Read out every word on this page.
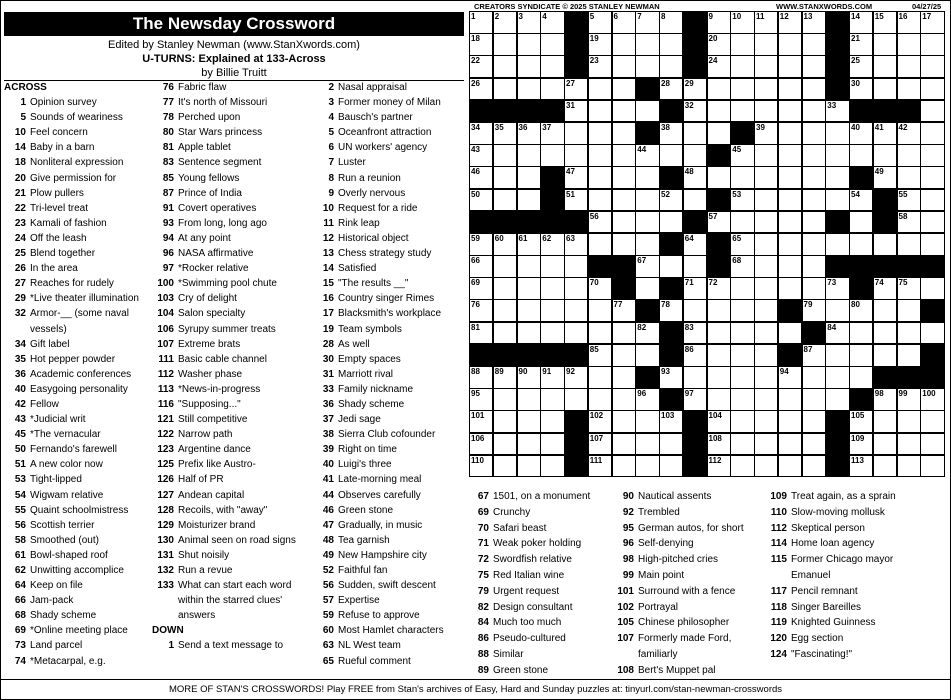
The Newsday Crossword
Edited by Stanley Newman (www.StanXwords.com)
U-TURNS: Explained at 133-Across
by Billie Truitt
CREATORS SYNDICATE © 2025 STANLEY NEWMAN	WWW.STANXWORDS.COM	04/27/25
ACROSS
1 Opinion survey
5 Sounds of weariness
10 Feel concern
14 Baby in a barn
18 Nonliteral expression
20 Give permission for
21 Plow pullers
22 Tri-level treat
23 Kamali of fashion
24 Off the leash
25 Blend together
26 In the area
27 Reaches for rudely
29 *Live theater illumination
32 Armor-__ (some naval
vessels)
34 Gift label
35 Hot pepper powder
36 Academic conferences
40 Easygoing personality
42 Fellow
43 *Judicial writ
45 *The vernacular
50 Fernando's farewell
51 A new color now
53 Tight-lipped
54 Wigwam relative
55 Quaint schoolmistress
56 Scottish terrier
58 Smoothed (out)
61 Bowl-shaped roof
62 Unwitting accomplice
64 Keep on file
66 Jam-pack
68 Shady scheme
69 *Online meeting place
73 Land parcel
74 *Metacarpal, e.g.
76 Fabric flaw
77 It's north of Missouri
78 Perched upon
80 Star Wars princess
81 Apple tablet
83 Sentence segment
85 Young fellows
87 Prince of India
91 Covert operatives
93 From long, long ago
94 At any point
96 NASA affirmative
97 *Rocker relative
100 *Swimming pool chute
103 Cry of delight
104 Salon specialty
106 Syrupy summer treats
107 Extreme brats
111 Basic cable channel
112 Washer phase
113 *News-in-progress
116 "Supposing..."
121 Still competitive
122 Narrow path
123 Argentine dance
125 Prefix like Austro-
126 Half of PR
127 Andean capital
128 Recoils, with "away"
129 Moisturizer brand
130 Animal seen on road signs
131 Shut noisily
132 Run a revue
133 What can start each word
within the starred clues'
answers
DOWN
1 Send a text message to
2 Nasal appraisal
3 Former money of Milan
4 Bausch's partner
5 Oceanfront attraction
6 UN workers' agency
7 Luster
8 Run a reunion
9 Overly nervous
10 Request for a ride
11 Rink leap
12 Historical object
13 Chess strategy study
14 Satisfied
15 "The results __"
16 Country singer Rimes
17 Blacksmith's workplace
19 Team symbols
28 As well
30 Empty spaces
31 Marriott rival
33 Family nickname
36 Shady scheme
37 Jedi sage
38 Sierra Club cofounder
39 Right on time
40 Luigi's three
41 Late-morning meal
44 Observes carefully
46 Green stone
47 Gradually, in music
48 Tea garnish
49 New Hampshire city
52 Faithful fan
56 Sudden, swift descent
57 Expertise
59 Refuse to approve
60 Most Hamlet characters
63 NL West team
65 Rueful comment
1 2 3 4	5 6 7 8	9 10 11 12 13	14 15 16 17
18	19	20	21
22	23	24	25
26	27	28 29	30
31	32	33
34 35 36 37	38	39	40 41 42
43	44	45
46	47	48	49
50	51	52	53	54	55
56	57	58
59 60 61 62 63	64	65
66	67	68
69	70	71 72	73	74 75
76	77	78	79	80
81	82	83	84
85	86	87
88 89 90 91 92	93	94
95	96	97	98 99 100
101	102	103	104	105
106	107	108	109
110	111	112	113
67 1501, on a monument
69 Crunchy
70 Safari beast
71 Weak poker holding
72 Swordfish relative
75 Red Italian wine
79 Urgent request
82 Design consultant
84 Much too much
86 Pseudo-cultured
88 Similar
89 Green stone
90 Nautical assents
92 Trembled
95 German autos, for short
96 Self-denying
98 High-pitched cries
99 Main point
101 Surround with a fence
102 Portrayal
105 Chinese philosopher
107 Formerly made Ford,
familiarly
108 Bert's Muppet pal
109 Treat again, as a sprain
110 Slow-moving mollusk
112 Skeptical person
114 Home loan agency
115 Former Chicago mayor
Emanuel
117 Pencil remnant
118 Singer Bareilles
119 Knighted Guinness
120 Egg section
124 "Fascinating!"
MORE OF STAN'S CROSSWORDS! Play FREE from Stan's archives of Easy, Hard and Sunday puzzles at: tinyurl.com/stan-newman-crosswords
